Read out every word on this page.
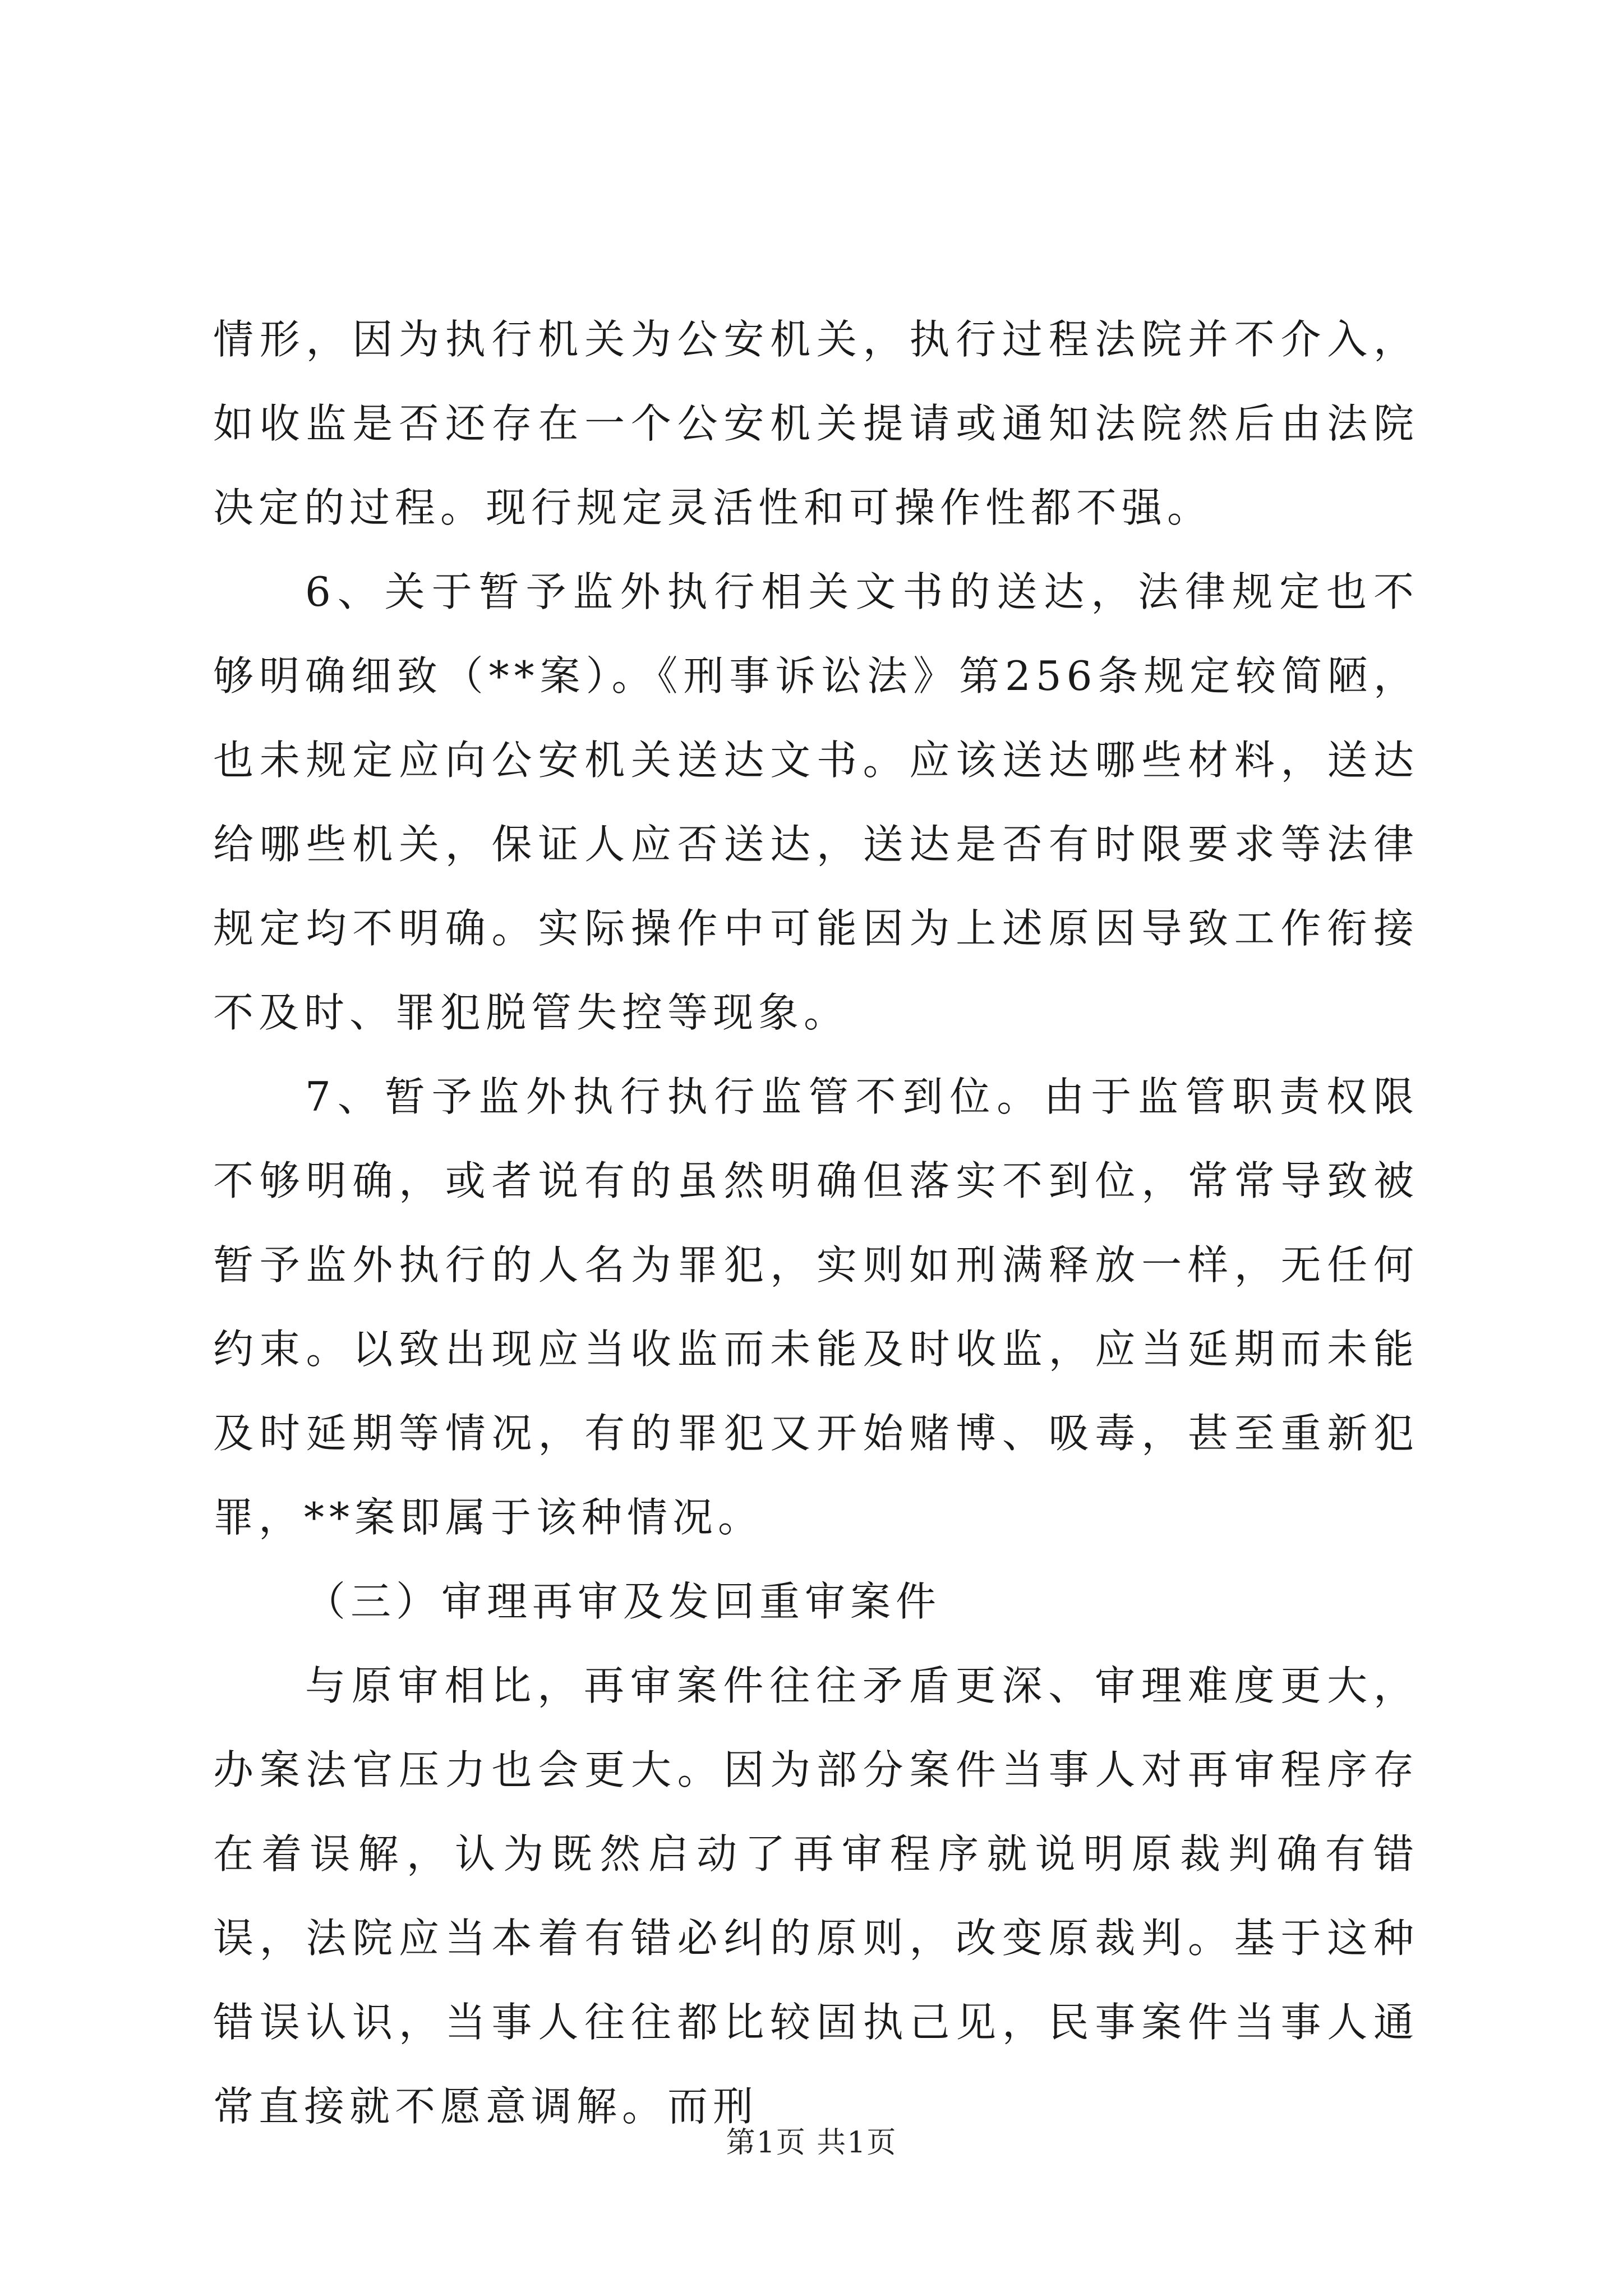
情形，因为执行机关为公安机关，执行过程法院并不介入，如收监是否还存在一个公安机关提请或通知法院然后由法院决定的过程。现行规定灵活性和可操作性都不强。

6、关于暂予监外执行相关文书的送达，法律规定也不够明确细致（**案）。《刑事诉讼法》第256条规定较简陋，也未规定应向公安机关送达文书。应该送达哪些材料，送达给哪些机关，保证人应否送达，送达是否有时限要求等法律规定均不明确。实际操作中可能因为上述原因导致工作衔接不及时、罪犯脱管失控等现象。

7、暂予监外执行执行监管不到位。由于监管职责权限不够明确，或者说有的虽然明确但落实不到位，常常导致被暂予监外执行的人名为罪犯，实则如刑满释放一样，无任何约束。以致出现应当收监而未能及时收监，应当延期而未能及时延期等情况，有的罪犯又开始赌博、吸毒，甚至重新犯罪，**案即属于该种情况。

（三）审理再审及发回重审案件

与原审相比，再审案件往往矛盾更深、审理难度更大，办案法官压力也会更大。因为部分案件当事人对再审程序存在着误解，认为既然启动了再审程序就说明原裁判确有错误，法院应当本着有错必纠的原则，改变原裁判。基于这种错误认识，当事人往往都比较固执己见，民事案件当事人通常直接就不愿意调解。而刑

第1页 共1页
